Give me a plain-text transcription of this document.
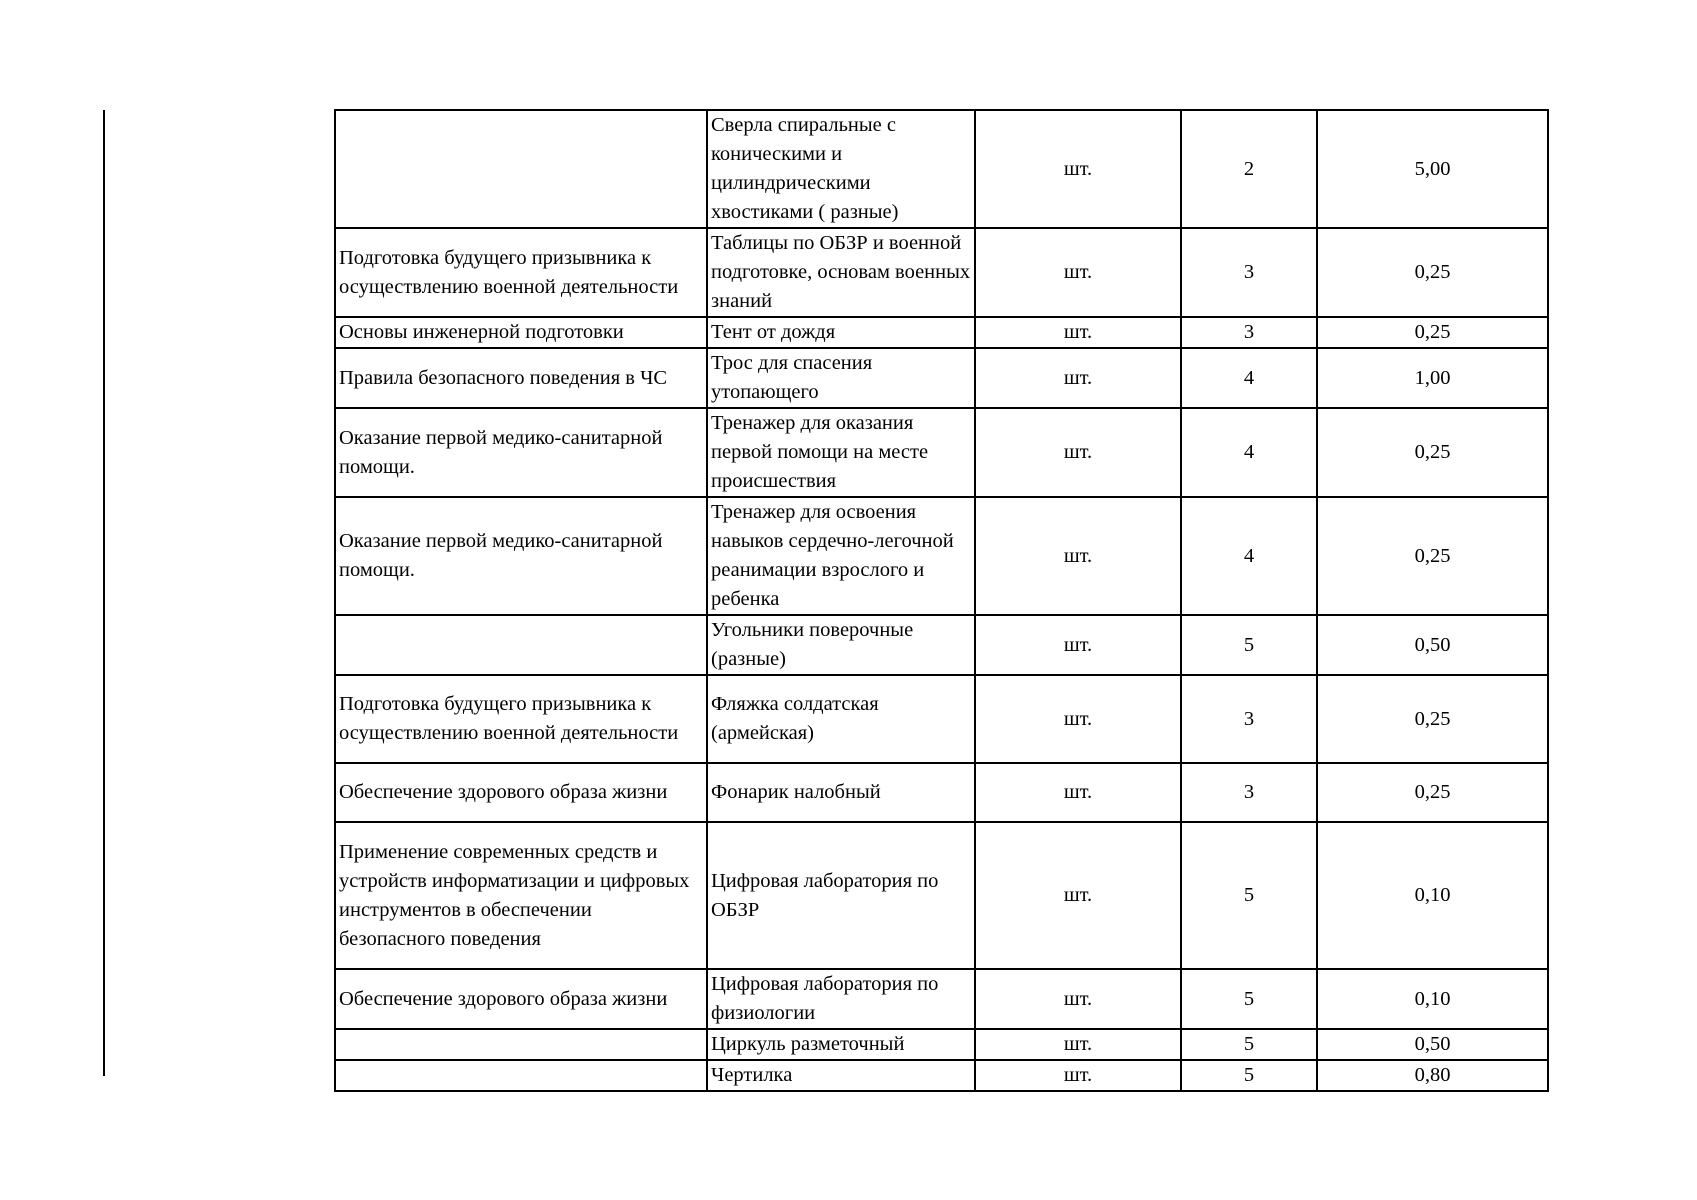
	Сверла спиральные с коническими и цилиндрическими хвостиками ( разные)	шт.	2	5,00
Подготовка будущего призывника к осуществлению военной деятельности	Таблицы по ОБЗР и военной подготовке, основам военных знаний	шт.	3	0,25
Основы инженерной подготовки	Тент от дождя	шт.	3	0,25
Правила безопасного поведения в ЧС	Трос для спасения утопающего	шт.	4	1,00
Оказание первой медико-санитарной помощи.	Тренажер для оказания первой помощи на месте происшествия	шт.	4	0,25
Оказание первой медико-санитарной помощи.	Тренажер для освоения навыков сердечно-легочной реанимации взрослого и ребенка	шт.	4	0,25
	Угольники поверочные (разные)	шт.	5	0,50
Подготовка будущего призывника к осуществлению военной деятельности	Фляжка солдатская (армейская)	шт.	3	0,25
Обеспечение здорового образа жизни	Фонарик налобный	шт.	3	0,25
Применение современных средств и устройств информатизации и цифровых инструментов в обеспечении безопасного поведения	Цифровая лаборатория по ОБЗР	шт.	5	0,10
Обеспечение здорового образа жизни	Цифровая лаборатория по физиологии	шт.	5	0,10
	Циркуль разметочный	шт.	5	0,50
	Чертилка	шт.	5	0,80
